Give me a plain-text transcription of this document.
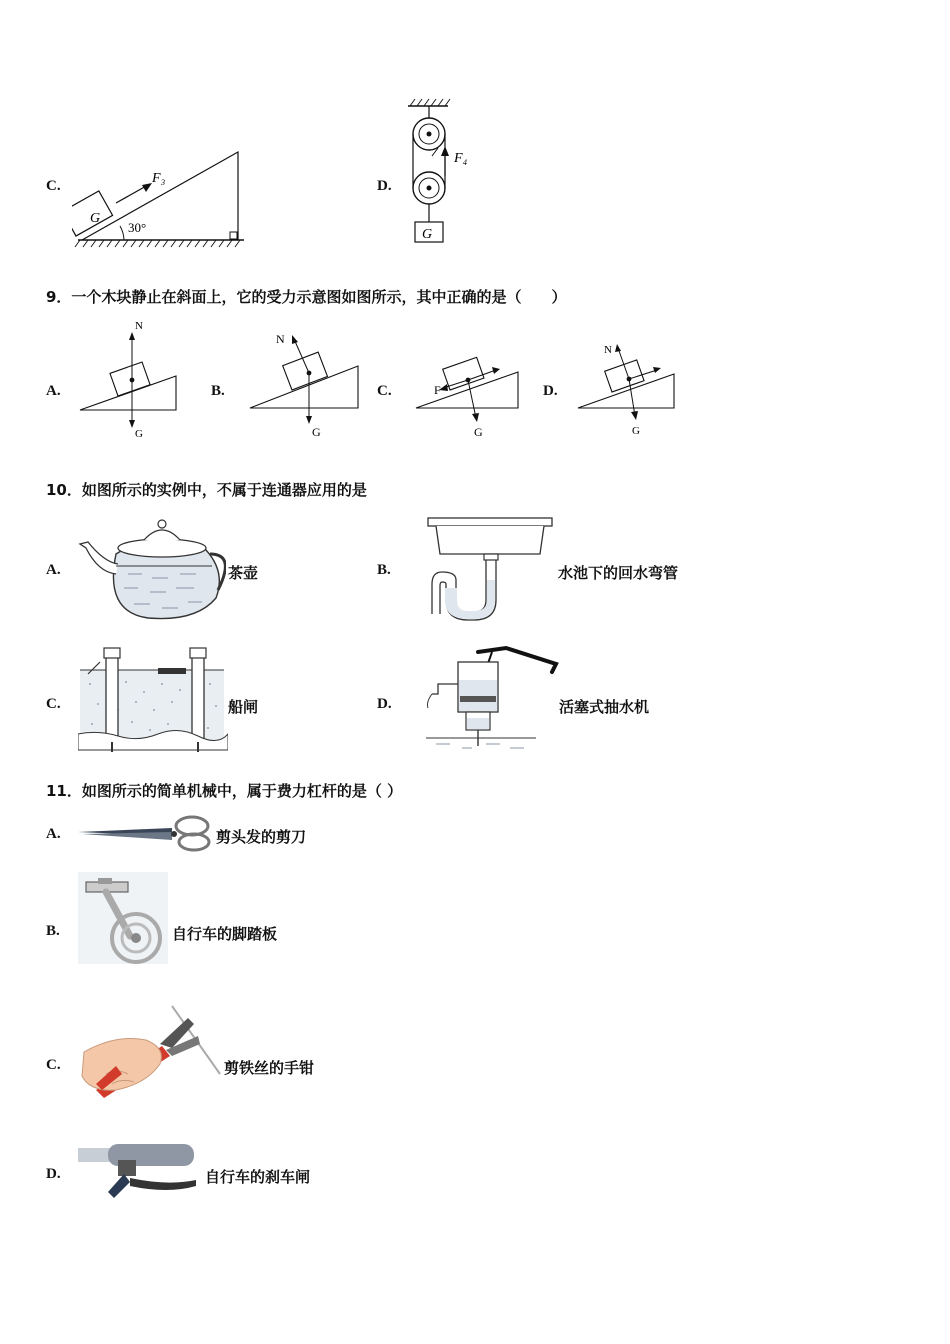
C.
G
F₃
30°
D.
G
F₄
9．一个木块静止在斜面上，它的受力示意图如图所示，其中正确的是（　　）
A.
N
G
B.
N
G
C.	F
G
D.
N
G
10．如图所示的实例中，不属于连通器应用的是
A.	茶壶	B.	水池下的回水弯管
C.	船闸	D.	活塞式抽水机
11．如图所示的简单机械中，属于费力杠杆的是（ ）
A.	剪头发的剪刀
B.	自行车的脚踏板
C.	剪铁丝的手钳
D.	自行车的刹车闸
